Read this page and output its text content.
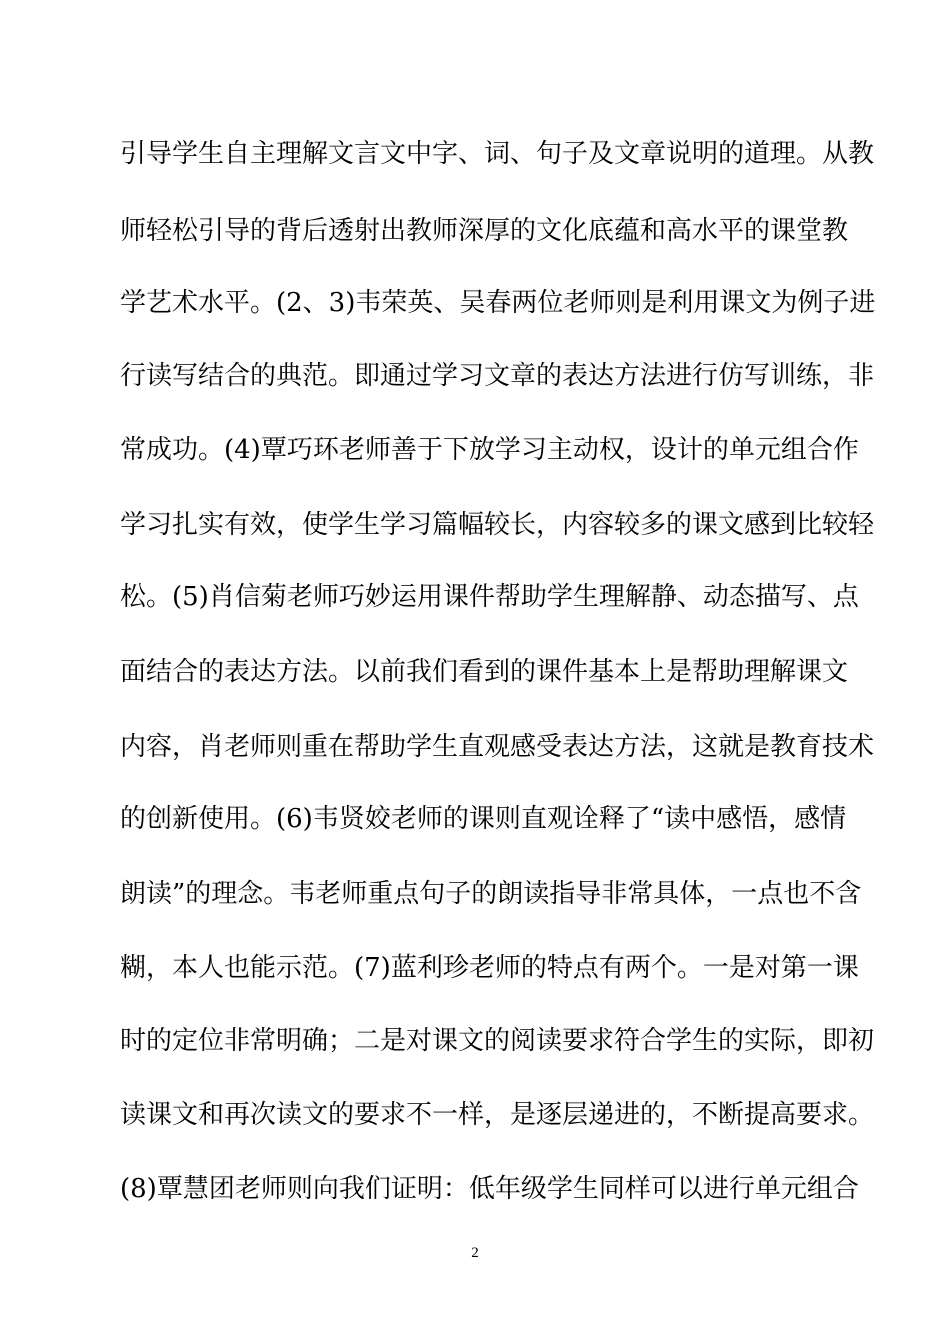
引导学生自主理解文言文中字、词、句子及文章说明的道理。从教
师轻松引导的背后透射出教师深厚的文化底蕴和高水平的课堂教
学艺术水平。(2、3)韦荣英、吴春两位老师则是利用课文为例子进
行读写结合的典范。即通过学习文章的表达方法进行仿写训练，非
常成功。(4)覃巧环老师善于下放学习主动权，设计的单元组合作
学习扎实有效，使学生学习篇幅较长，内容较多的课文感到比较轻
松。(5)肖信菊老师巧妙运用课件帮助学生理解静、动态描写、点
面结合的表达方法。以前我们看到的课件基本上是帮助理解课文
内容，肖老师则重在帮助学生直观感受表达方法，这就是教育技术
的创新使用。(6)韦贤姣老师的课则直观诠释了“读中感悟，感情
朗读”的理念。韦老师重点句子的朗读指导非常具体，一点也不含
糊，本人也能示范。(7)蓝利珍老师的特点有两个。一是对第一课
时的定位非常明确；二是对课文的阅读要求符合学生的实际，即初
读课文和再次读文的要求不一样，是逐层递进的，不断提高要求。
(8)覃慧团老师则向我们证明：低年级学生同样可以进行单元组合
2
